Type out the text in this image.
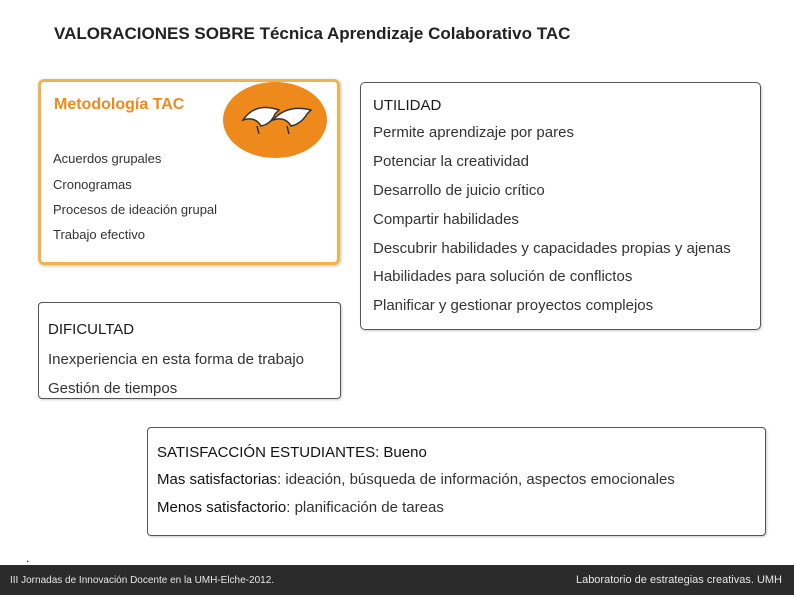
VALORACIONES SOBRE Técnica Aprendizaje Colaborativo TAC
Metodología TAC
Acuerdos grupales
Cronogramas
Procesos de ideación grupal
Trabajo efectivo
UTILIDAD
Permite aprendizaje por pares
Potenciar la creatividad
Desarrollo de juicio crítico
Compartir habilidades
Descubrir habilidades y capacidades propias y ajenas
Habilidades para solución de conflictos
Planificar y gestionar proyectos complejos
DIFICULTAD
Inexperiencia en esta forma de trabajo
Gestión de tiempos
SATISFACCIÓN ESTUDIANTES: Bueno
Mas satisfactorias: ideación, búsqueda de información, aspectos emocionales
Menos satisfactorio: planificación de tareas
.
III Jornadas de Innovación Docente en la UMH-Elche-2012.	Laboratorio de estrategias creativas. UMH
